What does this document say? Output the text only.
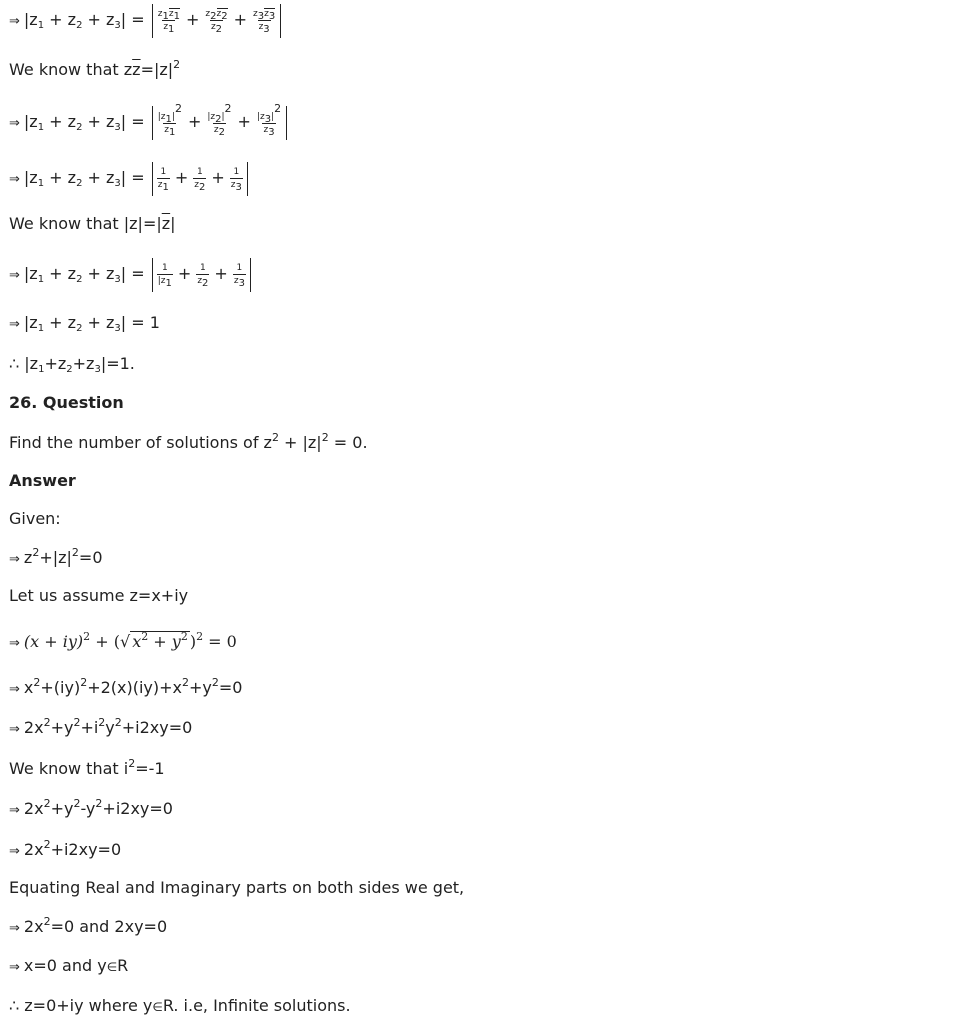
⇒ $|z_1 + z_2 + z_3| = \frac{z_1z_1}{z_1} + \frac{z_2z_2}{z_2} + \frac{z_3z_3}{z_3}$
We know that $z\overline{z}=|z|^2$
⇒ $|z_1 + z_2 + z_3| = \frac{|z_1|^2}{z_1} + \frac{|z_2|^2}{z_2} + \frac{|z_3|^2}{z_3}$
⇒ $|z_1 + z_2 + z_3| = \frac{1}{z_1} + \frac{1}{z_2} + \frac{1}{z_3}$
We know that $|z|=|\overline{z}|$
⇒ $|z_1 + z_2 + z_3| = \frac{1}{|z_1} + \frac{1}{z_2} + \frac{1}{z_3}$
⇒ $|z_1 + z_2 + z_3| = 1$
∴ $|z_1+z_2+z_3|=1$.
26. Question
Find the number of solutions of $z^2 + |z|^2 = 0$.
Answer
Given:
⇒ $z^2+|z|^2=0$
Let us assume z=x+iy
⇒ (x + iy)$^2$ + (√ $x^2 + y^2$ )$^2$ = 0
⇒ $x^2+(iy)^2+2(x)(iy)+x^2+y^2=0$
⇒ $2x^2+y^2+i^2y^2+i2xy=0$
We know that $i^2=-1$
⇒ $2x^2+y^2-y^2+i2xy=0$
⇒ $2x^2+i2xy=0$
Equating Real and Imaginary parts on both sides we get,
⇒ $2x^2=0$ and 2xy=0
⇒ x=0 and y∈R
∴ z=0+iy where y∈R. i.e, Infinite solutions.
